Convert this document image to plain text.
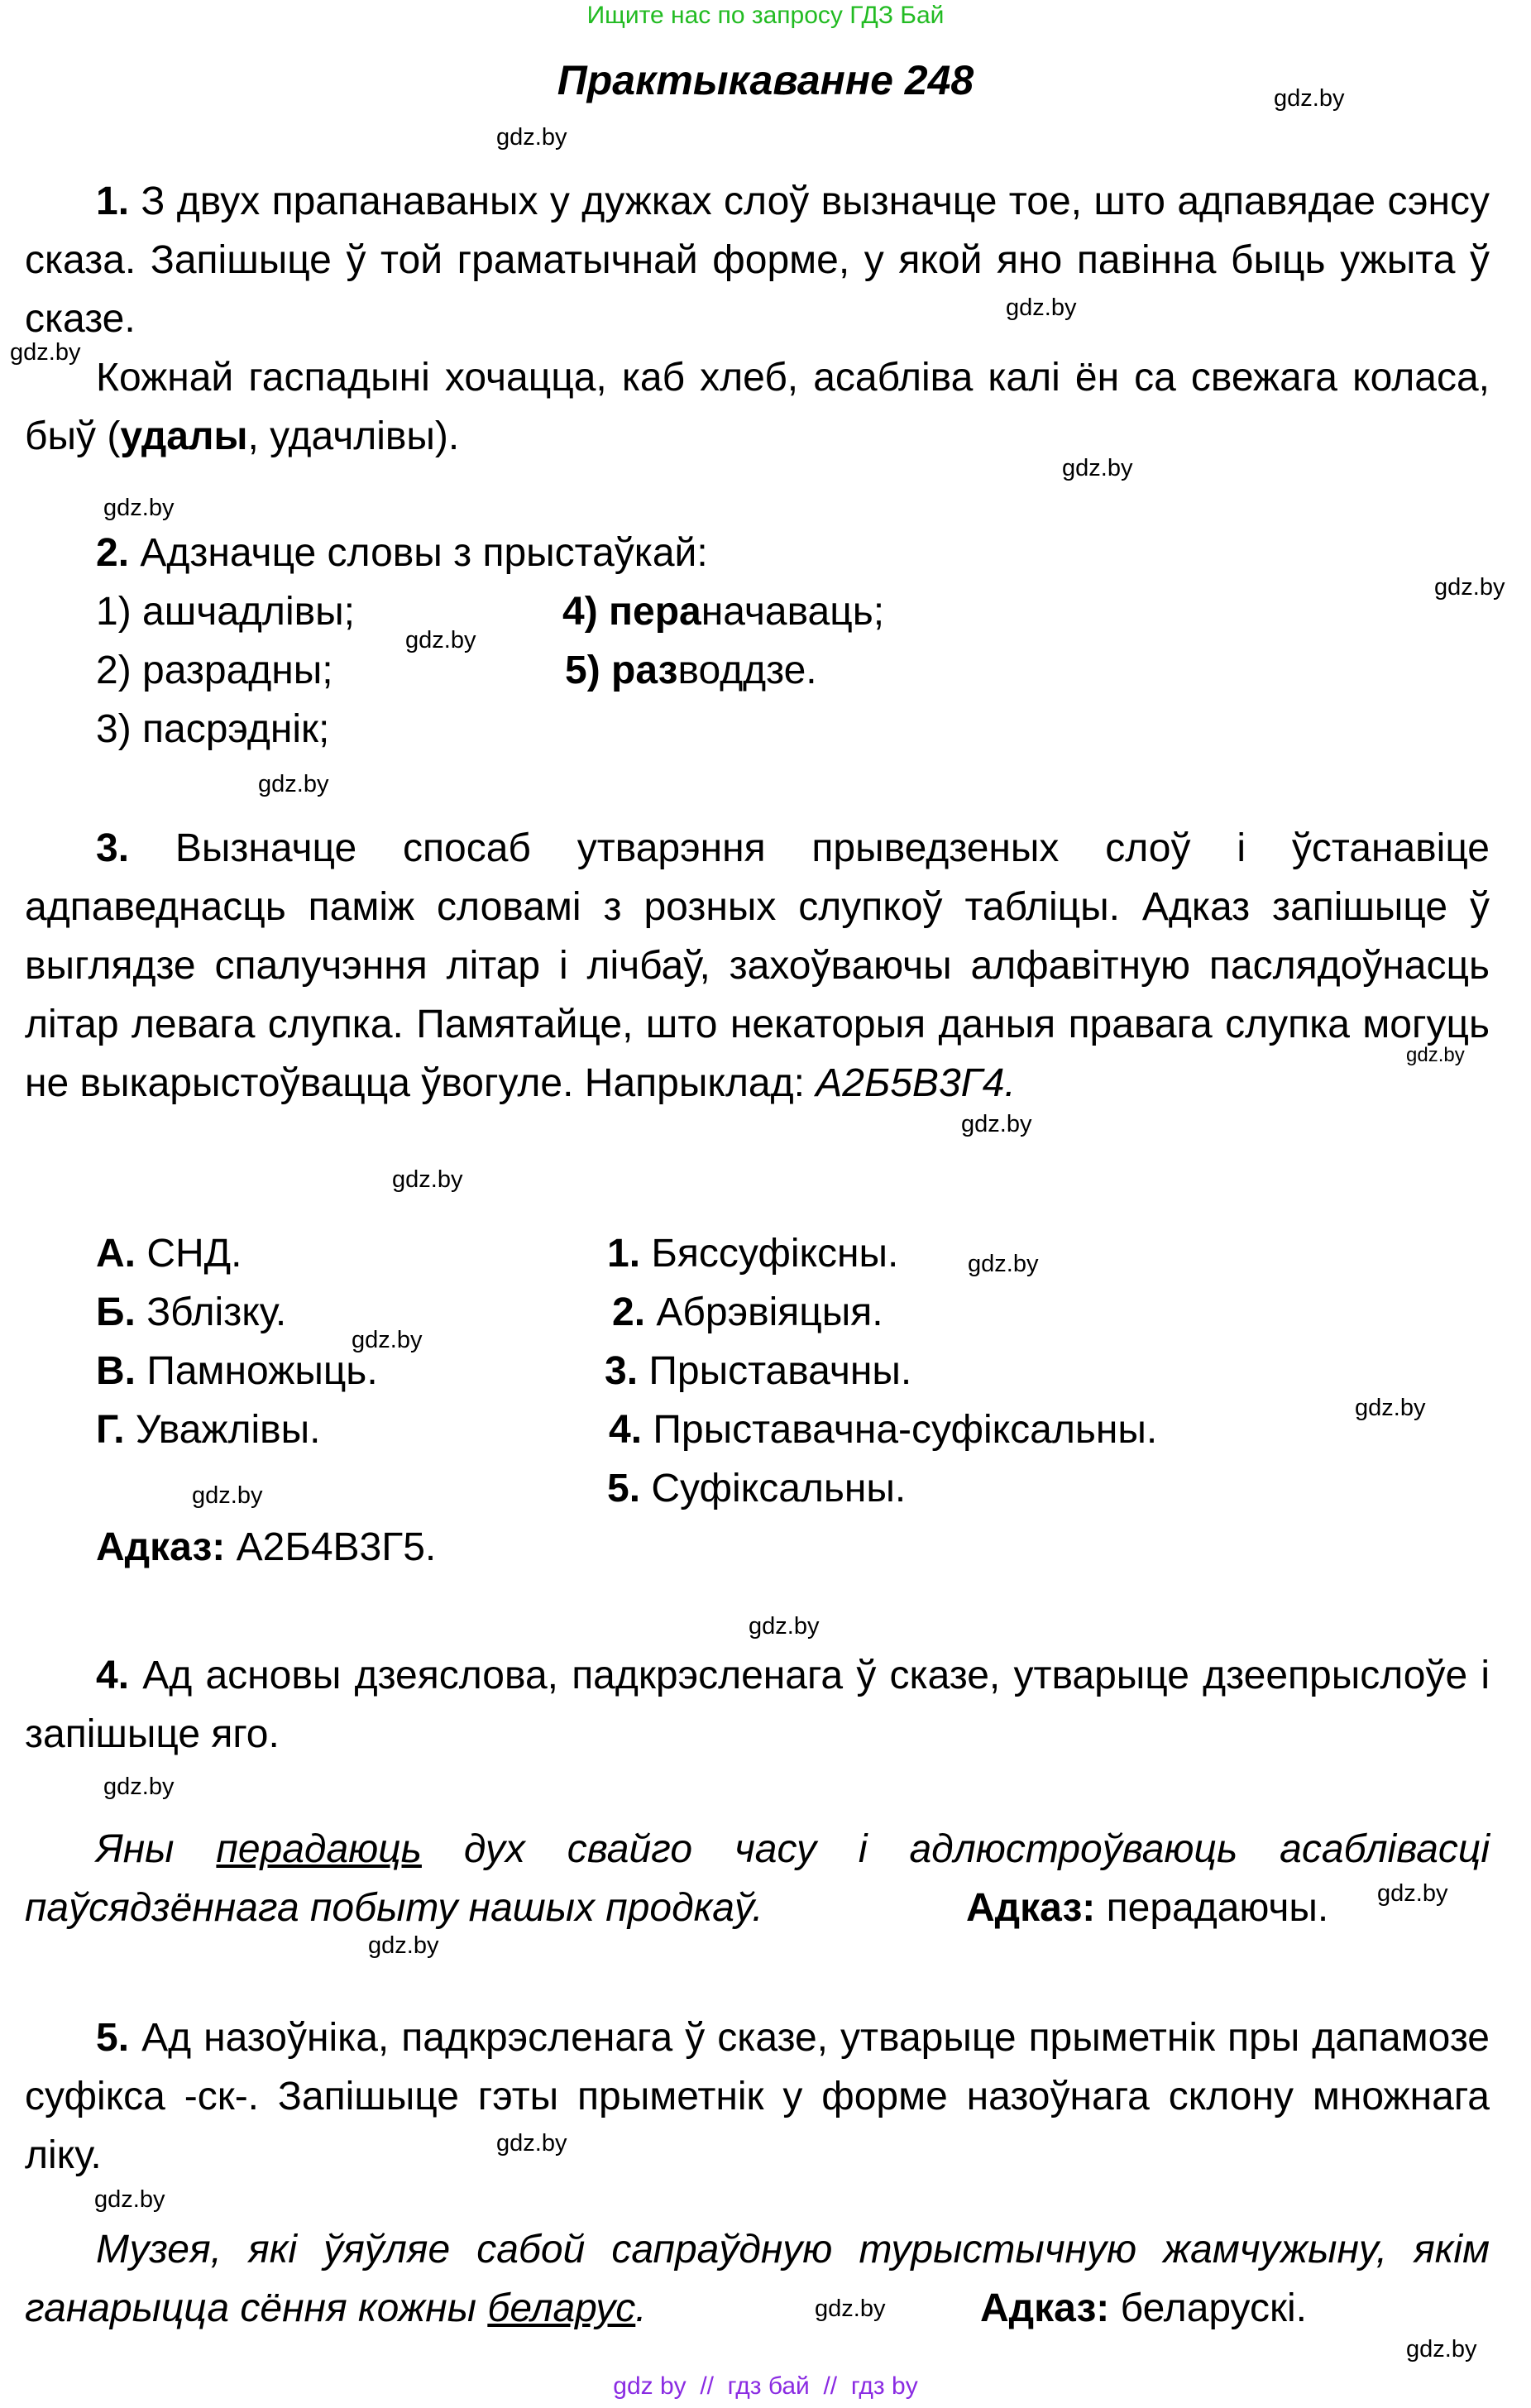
Ищите нас по запросу ГДЗ Бай
Практыкаванне 248	gdz.by
gdz.by
gdz.by
gdz.by
gdz.by
gdz.by
gdz.by
gdz.by
gdz.by
gdz.by
gdz.by
gdz.by
gdz.by
gdz.by
gdz.by
gdz.by
gdz.by
gdz.by
gdz.by
gdz.by
gdz.by
gdz.by
gdz.by
gdz.by
1. З двух прапанаваных у дужках слоў вызначце тое, што адпавядае сэнсу сказа. Запішыце ў той граматычнай форме, у якой яно павінна быць ужыта ў сказе.
Кожнай гаспадыні хочацца, каб хлеб, асабліва калі ён са свежага коласа, быў (удалы, удачлівы).
2. Адзначце словы з прыстаўкай:
1) ашчадлівы;
2) разрадны;
3) пасрэднік;
4) пераначаваць;
5) разводдзе.
3. Вызначце спосаб утварэння прыведзеных слоў і ўстанавіце адпаведнасць паміж словамі з розных слупкоў табліцы. Адказ запішыце ў выглядзе спалучэння літар і лічбаў, захоўваючы алфавітную паслядоўнасць літар левага слупка. Памятайце, што некаторыя даныя правага слупка могуць не выкарыстоўвацца ўвогуле. Напрыклад: А2Б5В3Г4.
А. СНД.
Б. Зблізку.
В. Памножыць.
Г. Уважлівы.
1. Бяссуфіксны.
2. Абрэвіяцыя.
3. Прыставачны.
4. Прыставачна-суфіксальны.
5. Суфіксальны.
Адказ: А2Б4В3Г5.
4. Ад асновы дзеяслова, падкрэсленага ў сказе, утварыце дзеепрыслоўе і запішыце яго.
Яны перадаюць дух свайго часу і адлюстроўваюць асаблівасці паўсядзённага побыту нашых продкаў.	Адказ: перадаючы.
5. Ад назоўніка, падкрэсленага ў сказе, утварыце прыметнік пры дапамозе суфікса -ск-. Запішыце гэты прыметнік у форме назоўнага склону множнага ліку.
Музея, які ўяўляе сабой сапраўдную турыстычную жамчужыну, якім ганарыцца сёння кожны беларус.	Адказ: беларускі.
gdz by  //  гдз бай  //  гдз by
